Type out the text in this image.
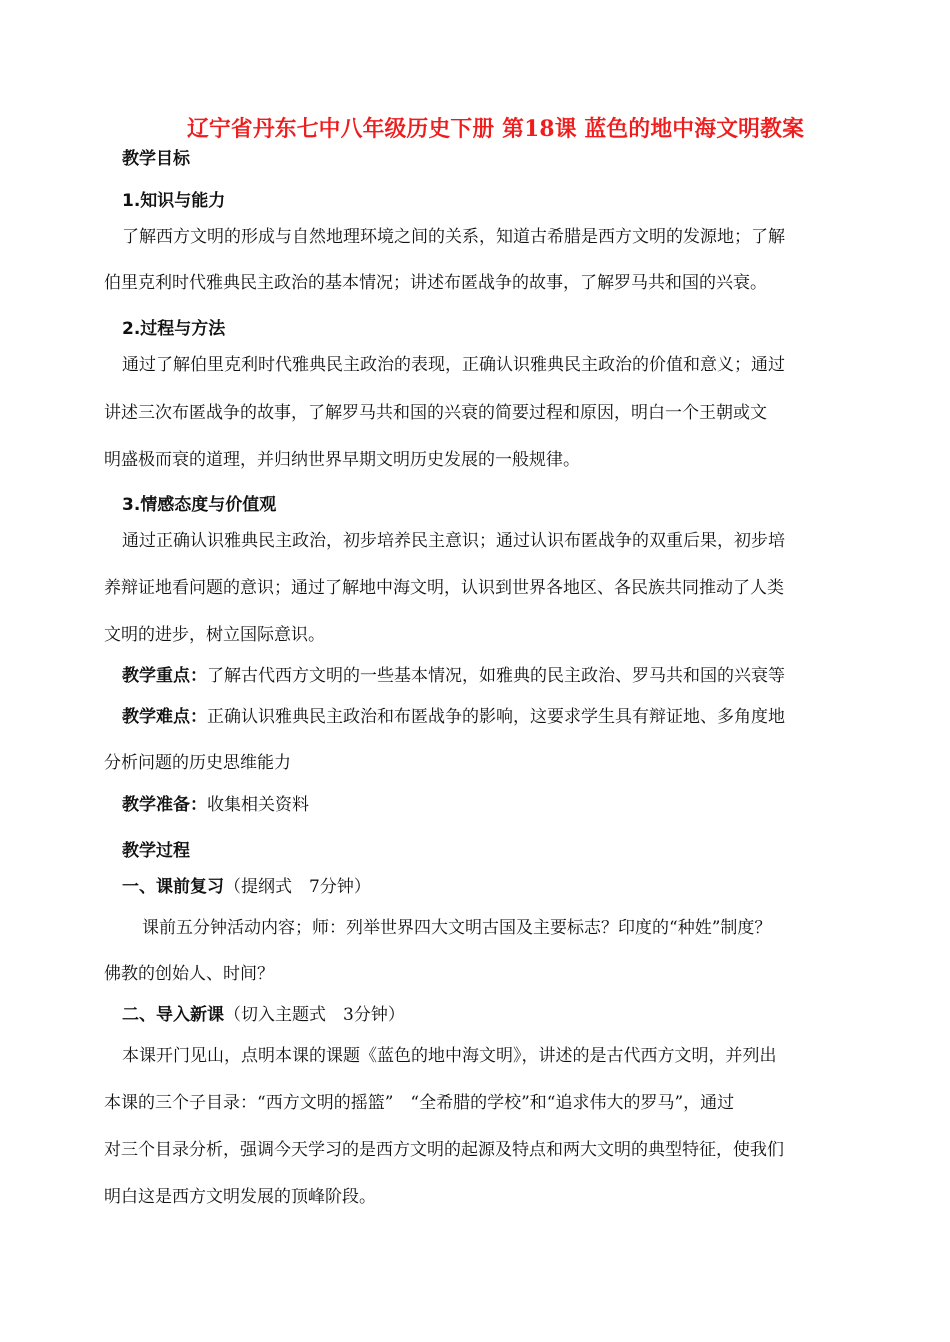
辽宁省丹东七中八年级历史下册 第18课 蓝色的地中海文明教案
教学目标
1.知识与能力
了解西方文明的形成与自然地理环境之间的关系，知道古希腊是西方文明的发源地；了解
伯里克利时代雅典民主政治的基本情况；讲述布匿战争的故事，了解罗马共和国的兴衰。
2.过程与方法
通过了解伯里克利时代雅典民主政治的表现，正确认识雅典民主政治的价值和意义；通过
讲述三次布匿战争的故事，了解罗马共和国的兴衰的简要过程和原因，明白一个王朝或文
明盛极而衰的道理，并归纳世界早期文明历史发展的一般规律。
3.情感态度与价值观
通过正确认识雅典民主政治，初步培养民主意识；通过认识布匿战争的双重后果，初步培
养辩证地看问题的意识；通过了解地中海文明，认识到世界各地区、各民族共同推动了人类
文明的进步，树立国际意识。
教学重点：了解古代西方文明的一些基本情况，如雅典的民主政治、罗马共和国的兴衰等
教学难点：正确认识雅典民主政治和布匿战争的影响，这要求学生具有辩证地、多角度地
分析问题的历史思维能力
教学准备：收集相关资料
教学过程
一、课前复习（提纲式　7分钟）
课前五分钟活动内容；师：列举世界四大文明古国及主要标志？印度的“种姓”制度？
佛教的创始人、时间？
二、导入新课（切入主题式　3分钟）
本课开门见山，点明本课的课题《蓝色的地中海文明》，讲述的是古代西方文明，并列出
本课的三个子目录：“西方文明的摇篮”　“全希腊的学校”和“追求伟大的罗马”，通过
对三个目录分析，强调今天学习的是西方文明的起源及特点和两大文明的典型特征，使我们
明白这是西方文明发展的顶峰阶段。
